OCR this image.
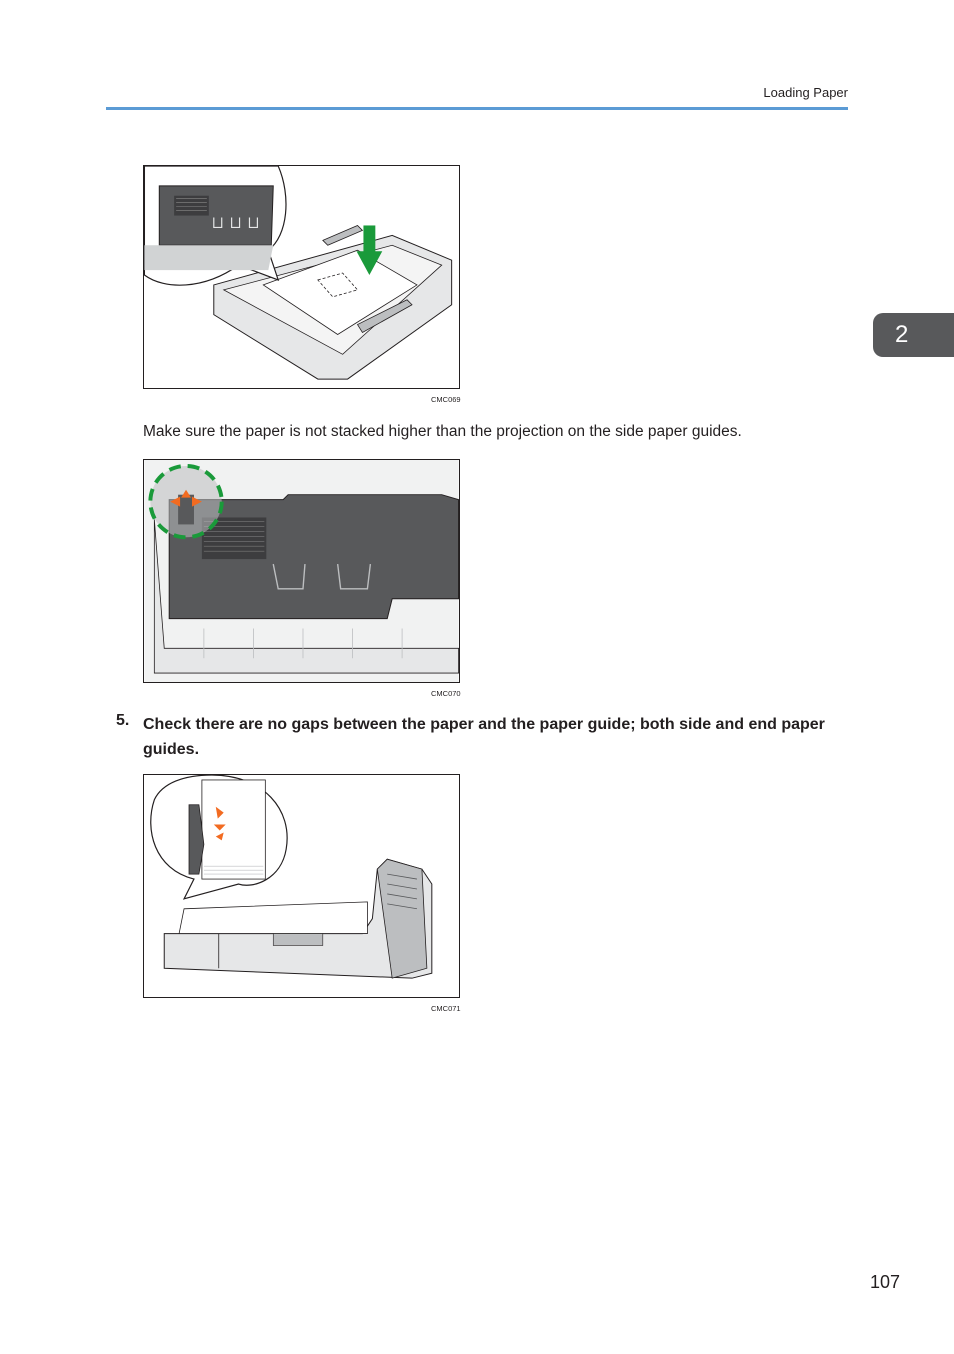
Loading Paper
2
CMC069
Make sure the paper is not stacked higher than the projection on the side paper guides.
CMC070
5. Check there are no gaps between the paper and the paper guide; both side and end paper guides.
CMC071
107
